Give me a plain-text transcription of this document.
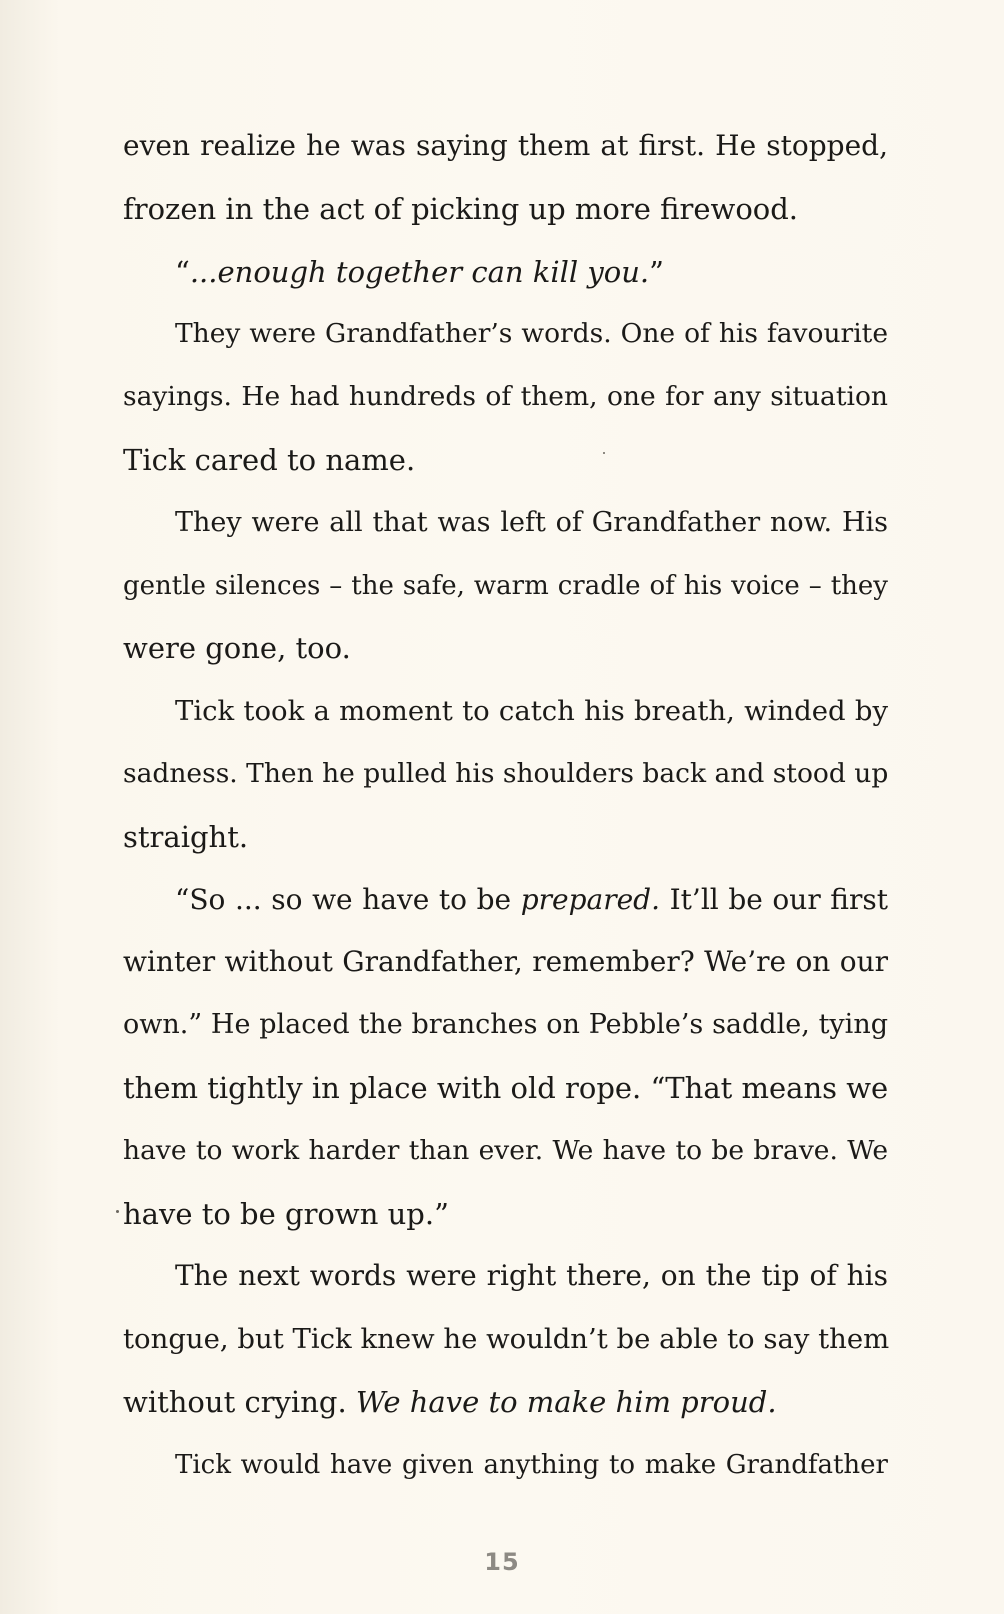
even realize he was saying them at first. He stopped,
frozen in the act of picking up more firewood.

“...enough together can kill you.”

They were Grandfather’s words. One of his favourite
sayings. He had hundreds of them, one for any situation
Tick cared to name.

They were all that was left of Grandfather now. His
gentle silences – the safe, warm cradle of his voice – they
were gone, too.

Tick took a moment to catch his breath, winded by
sadness. Then he pulled his shoulders back and stood up
straight.

“So ... so we have to be prepared. It’ll be our first
winter without Grandfather, remember? We’re on our
own.” He placed the branches on Pebble’s saddle, tying
them tightly in place with old rope. “That means we
have to work harder than ever. We have to be brave. We
have to be grown up.”

The next words were right there, on the tip of his
tongue, but Tick knew he wouldn’t be able to say them
without crying. We have to make him proud.

Tick would have given anything to make Grandfather

15
